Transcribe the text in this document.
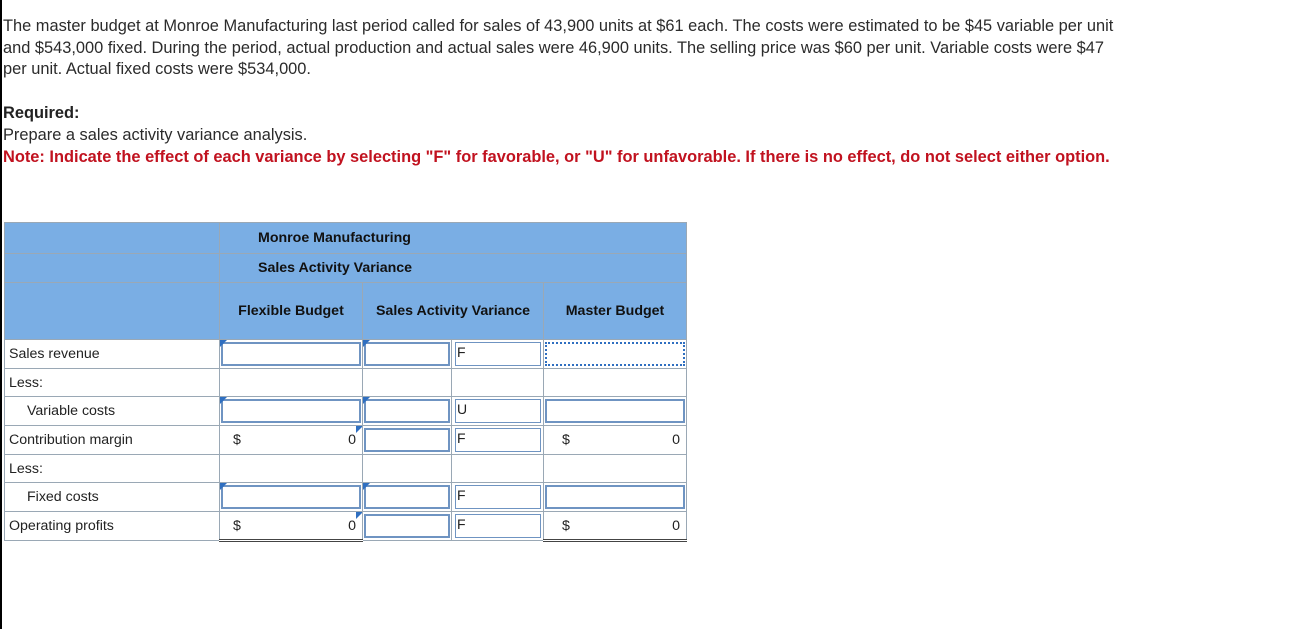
The master budget at Monroe Manufacturing last period called for sales of 43,900 units at $61 each. The costs were estimated to be $45 variable per unit and $543,000 fixed. During the period, actual production and actual sales were 46,900 units. The selling price was $60 per unit. Variable costs were $47 per unit. Actual fixed costs were $534,000.
Required:
Prepare a sales activity variance analysis.
Note: Indicate the effect of each variance by selecting "F" for favorable, or "U" for unfavorable. If there is no effect, do not select either option.
	Monroe Manufacturing			
	Sales Activity Variance			
	Flexible Budget	Sales Activity Variance		Master Budget
Sales revenue			F	

Less:				
Variable costs			U	

Contribution margin	$ 0		F	$ 0

Less:				
Fixed costs			F	

Operating profits	$ 0		F	$ 0
